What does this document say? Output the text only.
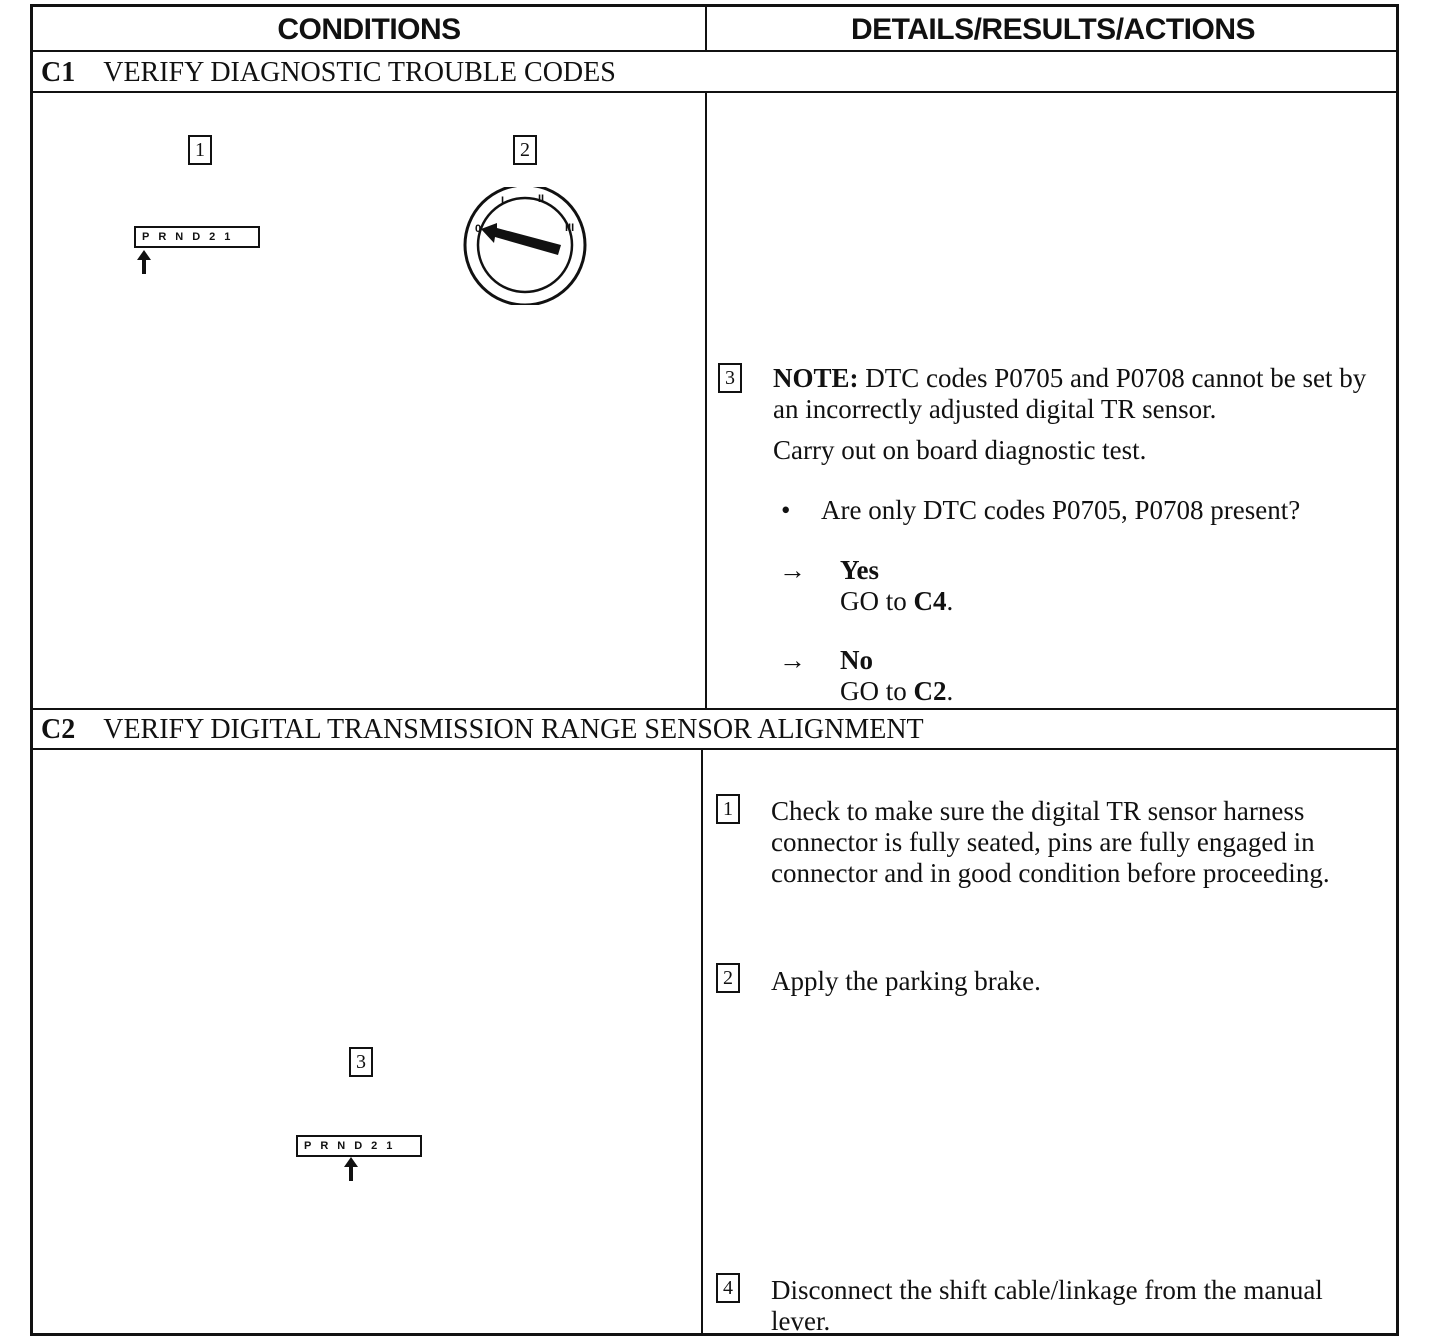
CONDITIONS	DETAILS/RESULTS/ACTIONS
C1 VERIFY DIAGNOSTIC TROUBLE CODES
1	2
PRND21
0
I	II
III
3 NOTE: DTC codes P0705 and P0708 cannot be set by an incorrectly adjusted digital TR sensor.
Carry out on board diagnostic test.
• Are only DTC codes P0705, P0708 present?
→ Yes
GO to C4.
→ No
GO to C2.
C2 VERIFY DIGITAL TRANSMISSION RANGE SENSOR ALIGNMENT
3
PRND21
1 Check to make sure the digital TR sensor harness connector is fully seated, pins are fully engaged in connector and in good condition before proceeding.
2 Apply the parking brake.
4 Disconnect the shift cable/linkage from the manual lever.
